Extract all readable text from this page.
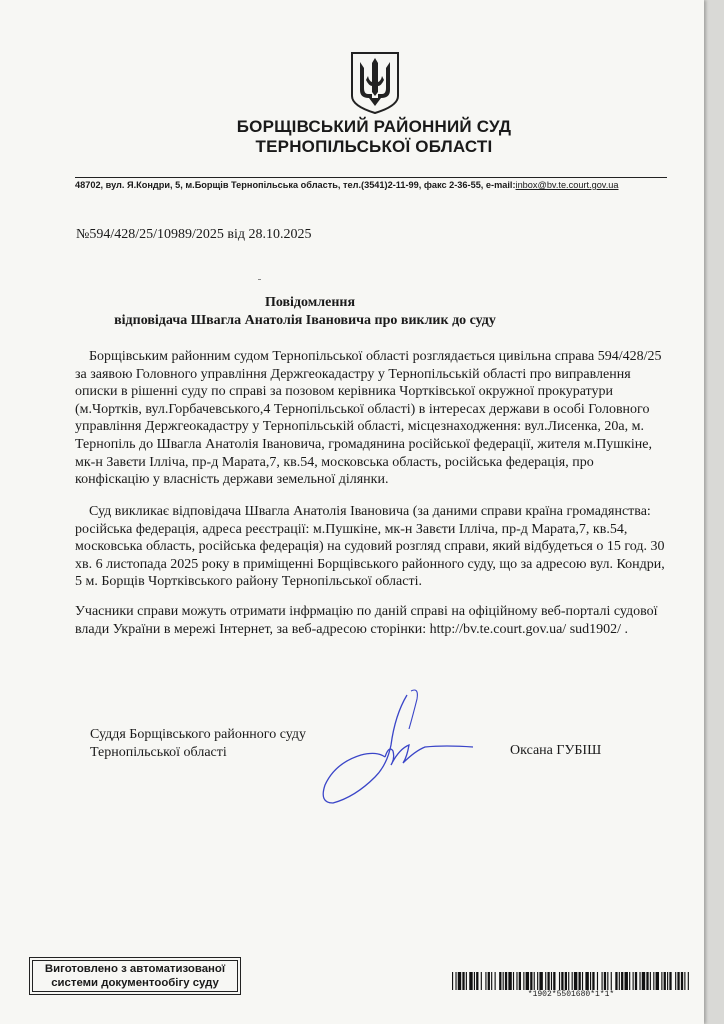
БОРЩІВСЬКИЙ РАЙОННИЙ СУД
ТЕРНОПІЛЬСЬКОЇ ОБЛАСТІ
48702, вул. Я.Кондри, 5, м.Борщів Тернопільська область, тел.(3541)2-11-99, факс 2-36-55, e-mail:inbox@bv.te.court.gov.ua
№594/428/25/10989/2025 від 28.10.2025
Повідомлення
відповідача Швагла Анатолія Івановича про виклик до суду
Борщівським районним судом Тернопільської області розглядається цивільна справа 594/428/25 за заявою Головного управління Держгеокадастру у Тернопільській області про виправлення описки в рішенні суду по справі за позовом керівника Чортківської окружної прокуратури (м.Чортків, вул.Горбачевського,4 Тернопільської області) в інтересах держави в особі Головного управління Держгеокадастру у Тернопільській області, місцезнаходження: вул.Лисенка, 20а, м. Тернопіль до Швагла Анатолія Івановича, громадянина російської федерації, жителя м.Пушкіне, мк-н Завєти Ілліча, пр-д Марата,7, кв.54, московська область, російська федерація, про конфіскацію у власність держави земельної ділянки.
Суд викликає відповідача Швагла Анатолія Івановича (за даними справи країна громадянства: російська федерація, адреса реєстрації: м.Пушкіне, мк-н Завєти Ілліча, пр-д Марата,7, кв.54, московська область, російська федерація) на судовий розгляд справи, який відбудеться о 15 год. 30 хв. 6 листопада 2025 року в приміщенні Борщівського районного суду, що за адресою вул. Кондри, 5 м. Борщів Чортківського району Тернопільської області.
Учасники справи можуть отримати інфрмацію по даній справі на офіційному веб-порталі судової влади України в мережі Інтернет, за веб-адресою сторінки: http://bv.te.court.gov.ua/ sud1902/ .
Суддя Борщівського районного суду
Тернопільської області	Оксана ГУБІШ
Виготовлено з автоматизованої
системи документообігу суду
*1902*5501680*1*1*
